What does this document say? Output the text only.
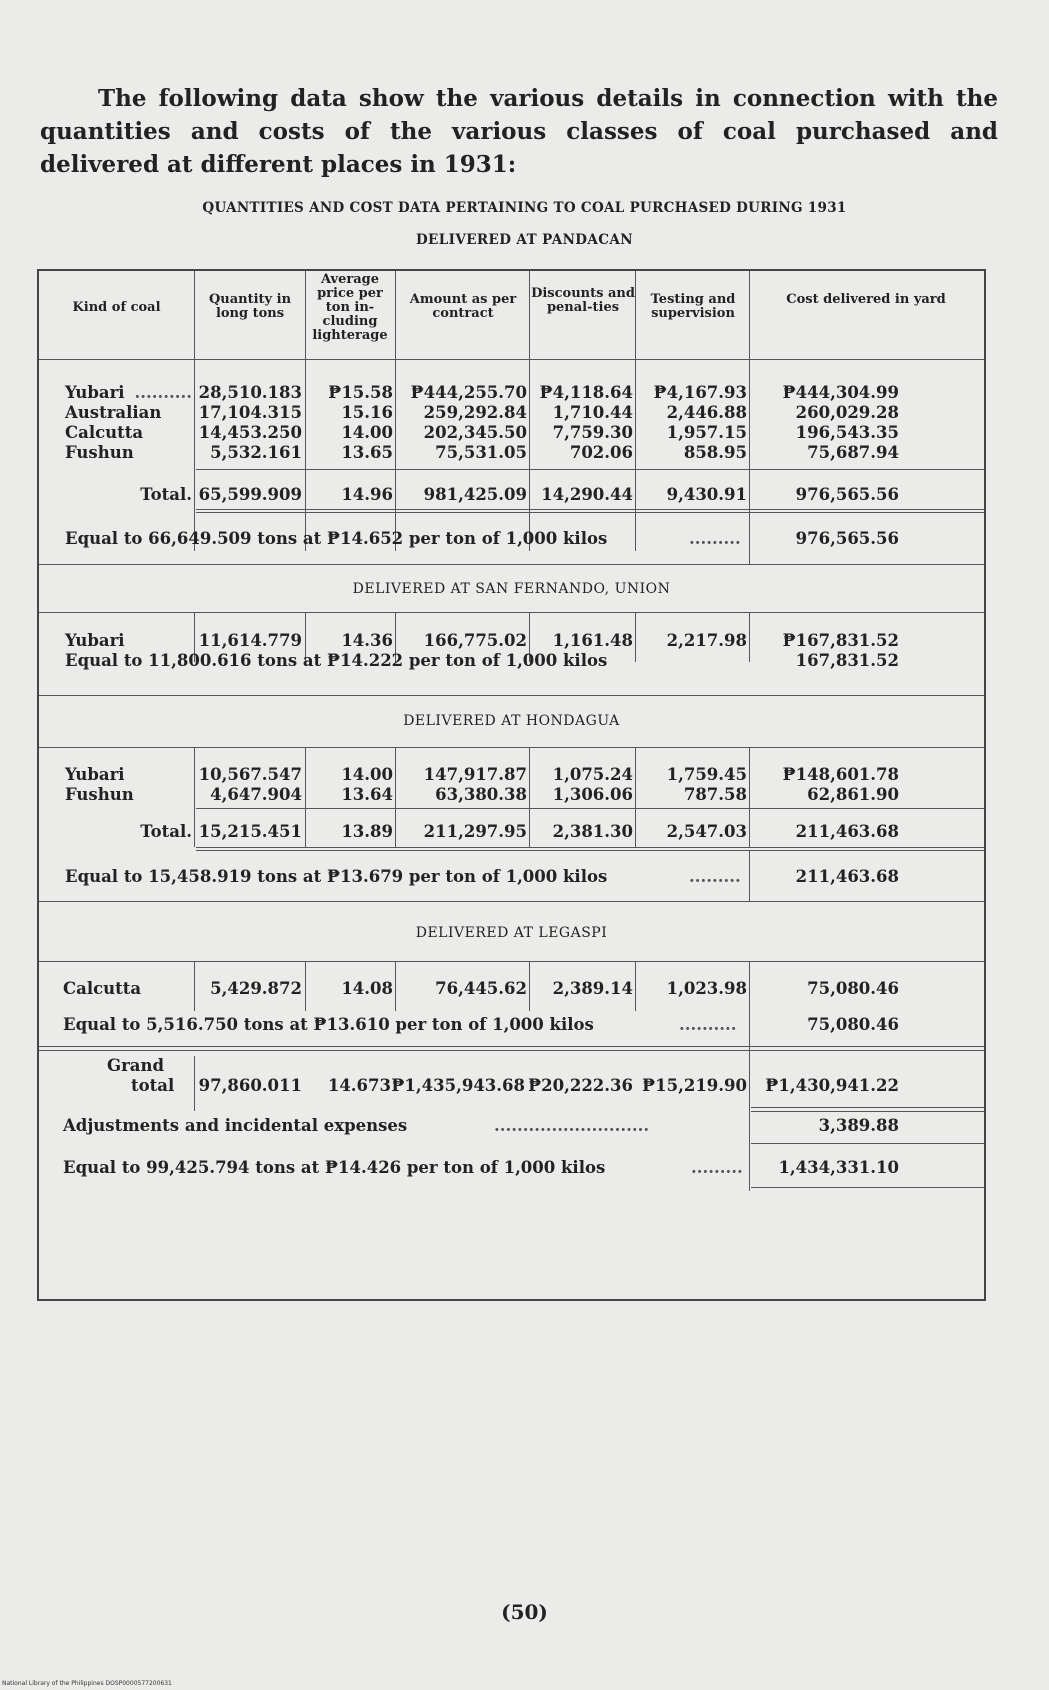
The following data show the various details in connection with the quantities and costs of the various classes of coal purchased and delivered at different places in 1931:
QUANTITIES AND COST DATA PERTAINING TO COAL PURCHASED DURING 1931
DELIVERED AT PANDACAN
Kind of coal
Quantity in long tons
Average price per ton in-cluding lighterage
Amount as per contract
Discounts and penal-ties
Testing and supervision
Cost delivered in yard
Yubari .......... 28,510.183	₱15.58	₱444,255.70 ₱4,118.64	₱4,167.93	₱444,304.99
Australian 17,104.315	15.16	259,292.84	1,710.44	2,446.88	260,029.28
Calcutta	14,453.250	14.00	202,345.50	7,759.30	1,957.15	196,543.35
Fushun	5,532.161	13.65	75,531.05	702.06	858.95	75,687.94
Total. 65,599.909	14.96	981,425.09 14,290.44	9,430.91	976,565.56
Equal to 66,649.509 tons at ₱14.652 per ton of 1,000 kilos	.........	976,565.56
DELIVERED AT SAN FERNANDO, UNION
Yubari	11,614.779	14.36	166,775.02	1,161.48	2,217.98	₱167,831.52
Equal to 11,800.616 tons at ₱14.222 per ton of 1,000 kilos	167,831.52
DELIVERED AT HONDAGUA
Yubari	10,567.547	14.00	147,917.87	1,075.24	1,759.45	₱148,601.78
Fushun	4,647.904	13.64	63,380.38	1,306.06	787.58	62,861.90
Total. 15,215.451	13.89	211,297.95	2,381.30	2,547.03	211,463.68
Equal to 15,458.919 tons at ₱13.679 per ton of 1,000 kilos	.........	211,463.68
DELIVERED AT LEGASPI
Calcutta	5,429.872	14.08	76,445.62	2,389.14	1,023.98	75,080.46
Equal to 5,516.750 tons at ₱13.610 per ton of 1,000 kilos	..........	75,080.46
Grand
total 97,860.011	14.673 ₱1,435,943.68 ₱20,222.36 ₱15,219.90	₱1,430,941.22
Adjustments and incidental expenses	...........................	3,389.88
Equal to 99,425.794 tons at ₱14.426 per ton of 1,000 kilos	.........	1,434,331.10
(50)
National Library of the Philippines DOSP0000577200631
